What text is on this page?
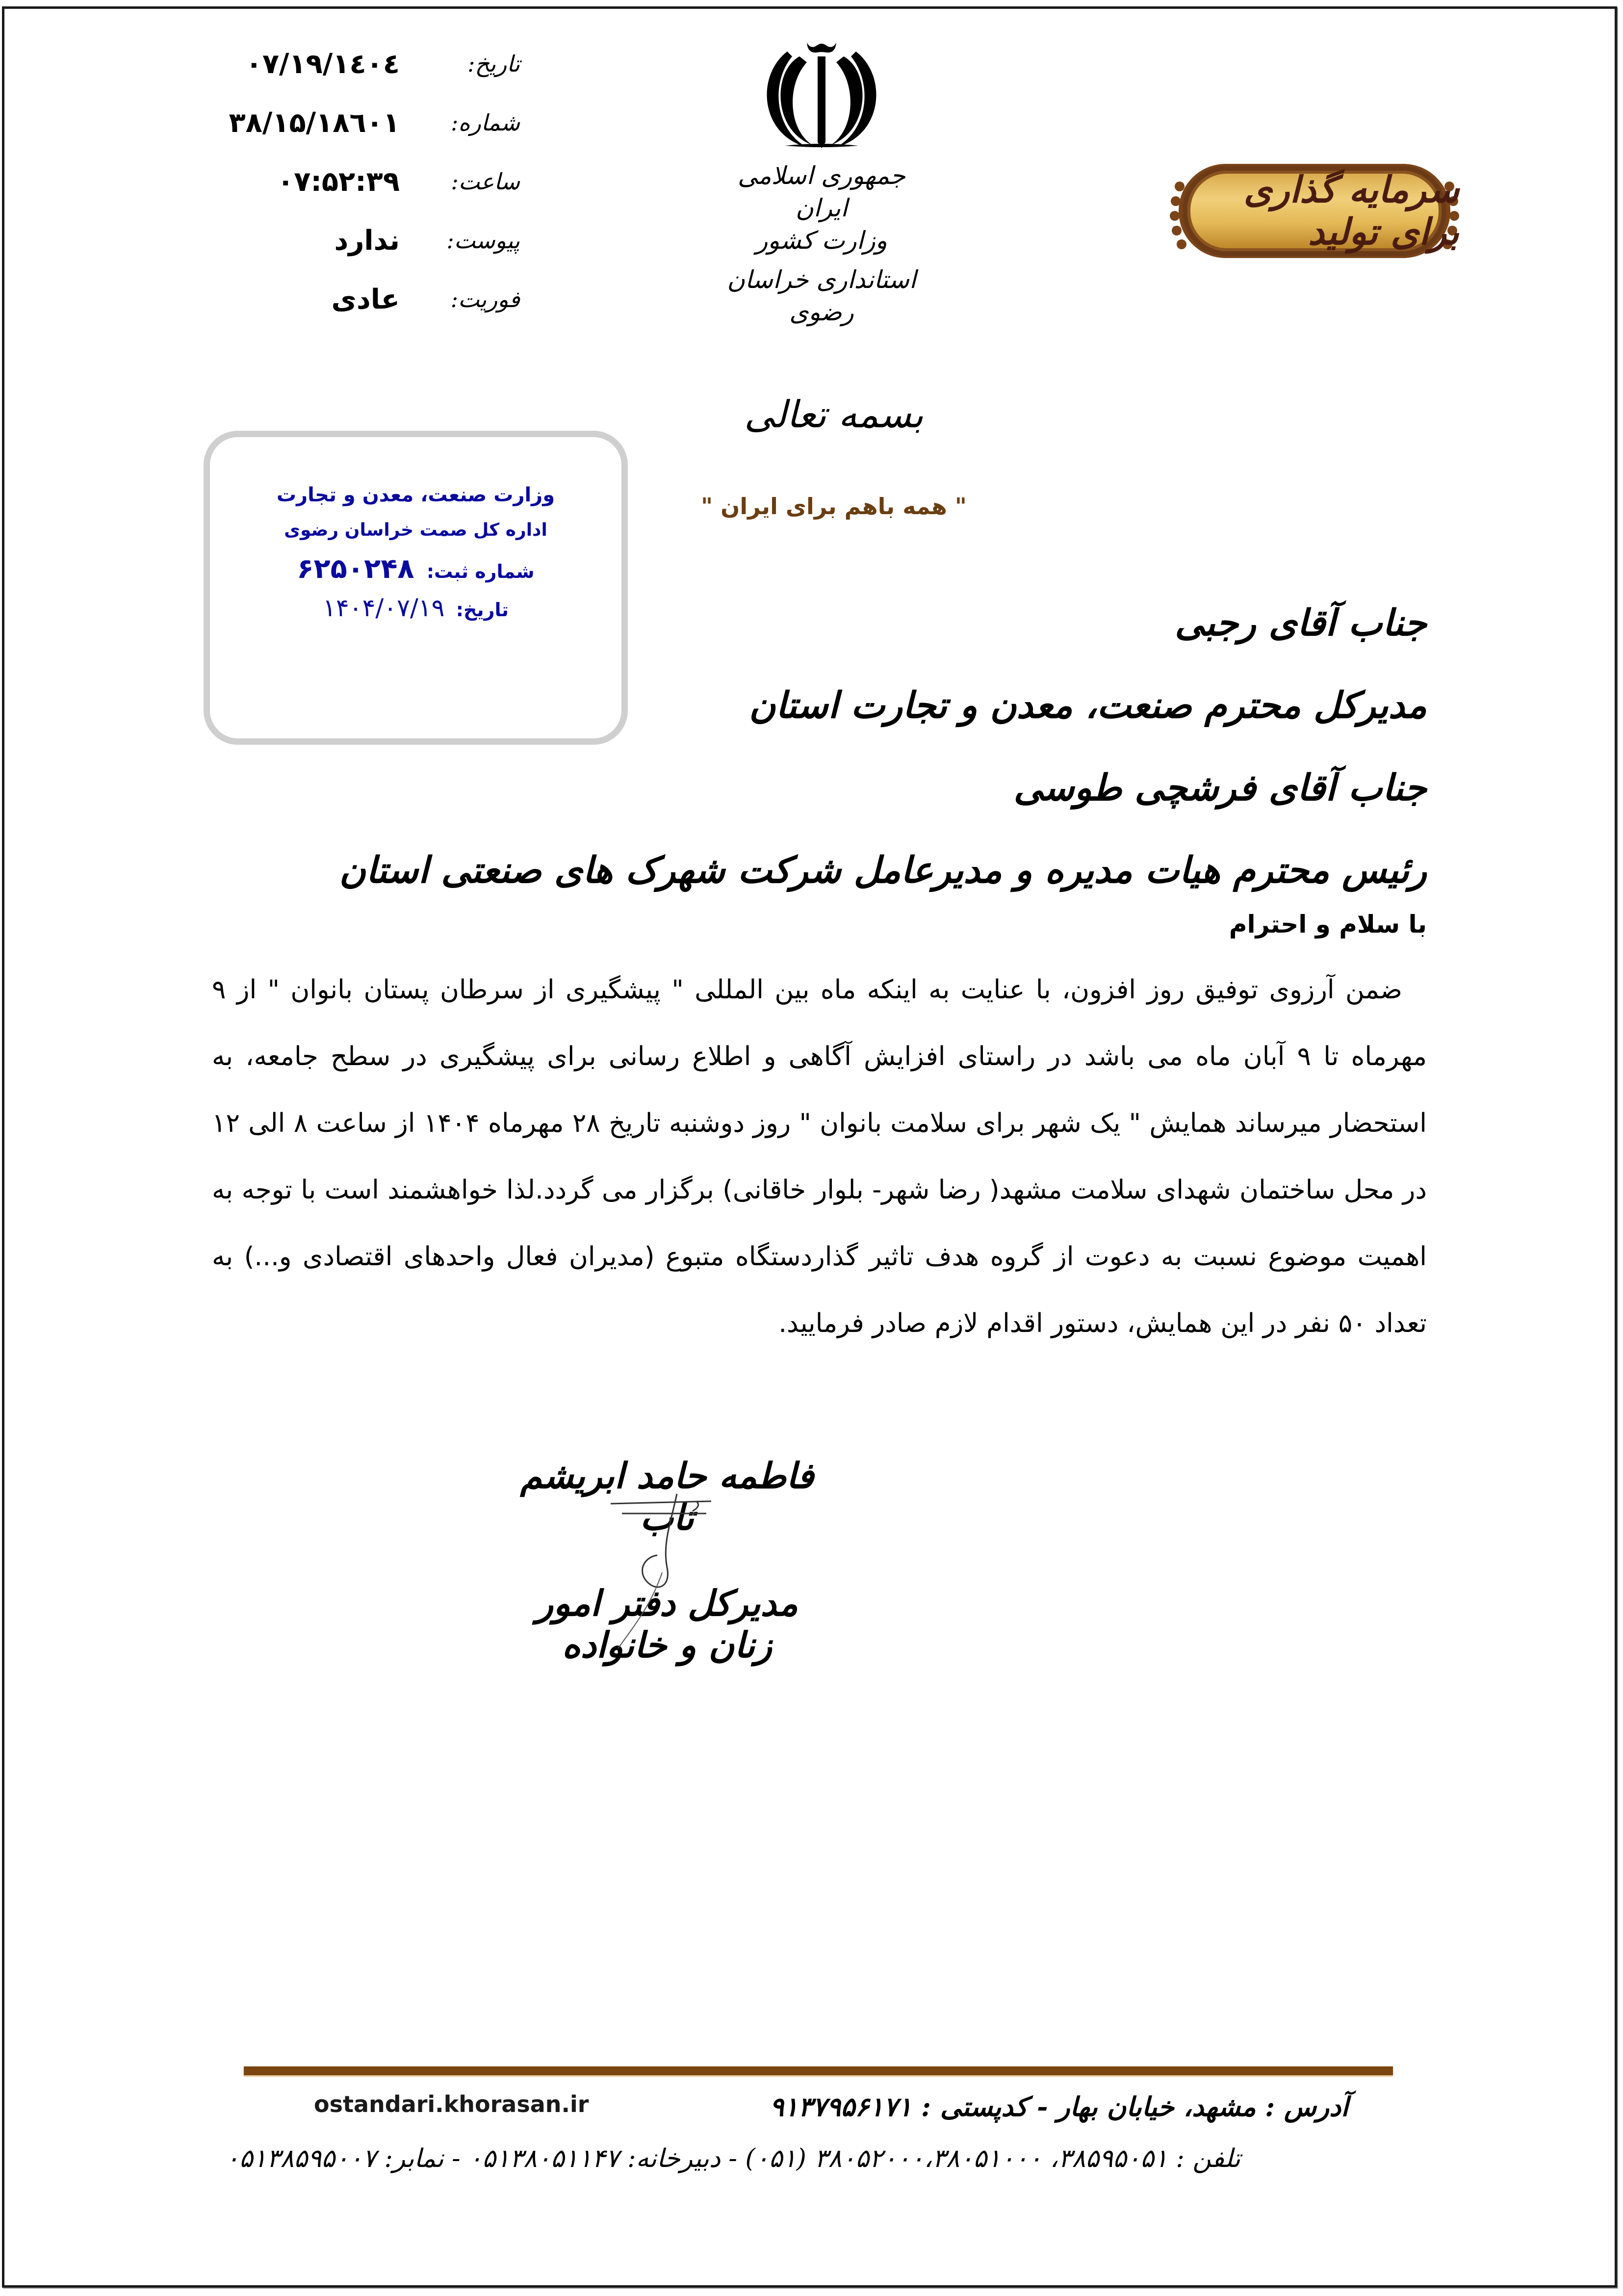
تاریخ:
۱٤۰٤/۰۷/۱۹
شماره:
۳۸/۱۵/۱۸٦۰۱
ساعت:
۰۷:۵۲:۳۹
پیوست:
ندارد
فوریت:
عادی
جمهوری اسلامی ایران
وزارت کشور
استانداری خراسان رضوی
سرمایه گذاری برای تولید
وزارت صنعت، معدن و تجارت
اداره کل صمت خراسان رضوی
شماره ثبت: ۶۲۵۰۲۴۸
تاریخ: ۱۴۰۴/۰۷/۱۹
بسمه تعالی
" همه باهم برای ایران "
جناب آقای رجبی
مدیرکل محترم صنعت، معدن و تجارت استان
جناب آقای فرشچی طوسی
رئیس محترم هیات مدیره و مدیرعامل شرکت شهرک های صنعتی استان
با سلام و احترام
ضمن آرزوی توفیق روز افزون، با عنایت به اینکه ماه بین المللی " پیشگیری از سرطان پستان بانوان " از ۹ مهرماه تا ۹ آبان ماه می باشد در راستای افزایش آگاهی و اطلاع رسانی برای پیشگیری در سطح جامعه، به استحضار میرساند همایش " یک شهر برای سلامت بانوان " روز دوشنبه تاریخ ۲۸ مهرماه ۱۴۰۴ از ساعت ۸ الی ۱۲ در محل ساختمان شهدای سلامت مشهد( رضا شهر- بلوار خاقانی) برگزار می گردد.لذا خواهشمند است با توجه به اهمیت موضوع نسبت به دعوت از گروه هدف تاثیر گذاردستگاه متبوع (مدیران فعال واحدهای اقتصادی و...) به تعداد ۵۰ نفر در این همایش، دستور اقدام لازم صادر فرمایید.
فاطمه حامد ابریشم تاب
مدیرکل دفتر امور زنان و خانواده
ostandari.khorasan.ir	آدرس : مشهد، خیابان بهار - کدپستی : ۹۱۳۷۹۵۶۱۷۱
تلفن : ۳۸۵۹۵۰۵۱، ۳۸۰۵۲۰۰۰،۳۸۰۵۱۰۰۰ (۰۵۱) - دبیرخانه: ۰۵۱۳۸۰۵۱۱۴۷ - نمابر: ۰۵۱۳۸۵۹۵۰۰۷
